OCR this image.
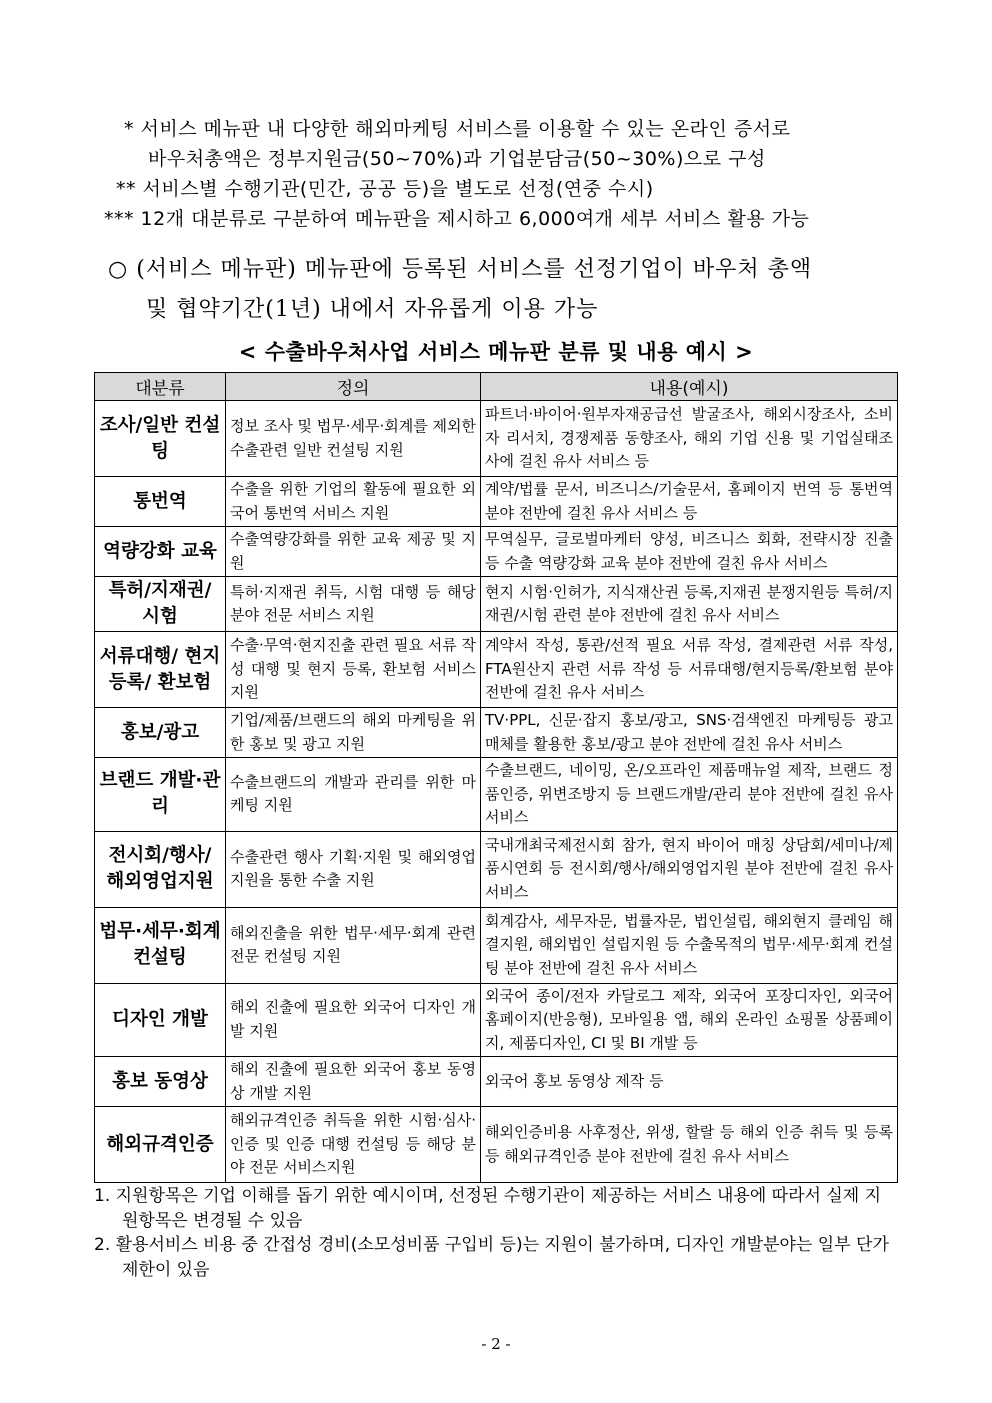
* 서비스 메뉴판 내 다양한 해외마케팅 서비스를 이용할 수 있는 온라인 증서로
바우처총액은 정부지원금(50~70%)과 기업분담금(50~30%)으로 구성
** 서비스별 수행기관(민간, 공공 등)을 별도로 선정(연중 수시)
*** 12개 대분류로 구분하여 메뉴판을 제시하고 6,000여개 세부 서비스 활용 가능
○ (서비스 메뉴판) 메뉴판에 등록된 서비스를 선정기업이 바우처 총액
및 협약기간(1년) 내에서 자유롭게 이용 가능
< 수출바우처사업 서비스 메뉴판 분류 및 내용 예시 >
대분류	정의	내용(예시)
조사/일반 컨설팅	정보 조사 및 법무·세무·회계를 제외한 수출관련 일반 컨설팅 지원	파트너·바이어·원부자재공급선 발굴조사, 해외시장조사, 소비자 리서치, 경쟁제품 동향조사, 해외 기업 신용 및 기업실태조사에 걸친 유사 서비스 등
통번역	수출을 위한 기업의 활동에 필요한 외국어 통번역 서비스 지원	계약/법률 문서, 비즈니스/기술문서, 홈페이지 번역 등 통번역 분야 전반에 걸친 유사 서비스 등
역량강화 교육	수출역량강화를 위한 교육 제공 및 지원	무역실무, 글로벌마케터 양성, 비즈니스 회화, 전략시장 진출 등 수출 역량강화 교육 분야 전반에 걸친 유사 서비스
특허/지재권/ 시험	특허·지재권 취득, 시험 대행 등 해당 분야 전문 서비스 지원	현지 시험·인허가, 지식재산권 등록,지재권 분쟁지원등 특허/지재권/시험 관련 분야 전반에 걸친 유사 서비스
서류대행/ 현지등록/ 환보험	수출·무역·현지진출 관련 필요 서류 작성 대행 및 현지 등록, 환보험 서비스 지원	계약서 작성, 통관/선적 필요 서류 작성, 결제관련 서류 작성, FTA원산지 관련 서류 작성 등 서류대행/현지등록/환보험 분야 전반에 걸친 유사 서비스
홍보/광고	기업/제품/브랜드의 해외 마케팅을 위한 홍보 및 광고 지원	TV·PPL, 신문·잡지 홍보/광고, SNS·검색엔진 마케팅등 광고 매체를 활용한 홍보/광고 분야 전반에 걸친 유사 서비스
브랜드 개발·관리	수출브랜드의 개발과 관리를 위한 마케팅 지원	수출브랜드, 네이밍, 온/오프라인 제품매뉴얼 제작, 브랜드 정품인증, 위변조방지 등 브랜드개발/관리 분야 전반에 걸친 유사 서비스
전시회/행사/ 해외영업지원	수출관련 행사 기획·지원 및 해외영업지원을 통한 수출 지원	국내개최국제전시회 참가, 현지 바이어 매칭 상담회/세미나/제품시연회 등 전시회/행사/해외영업지원 분야 전반에 걸친 유사 서비스
법무·세무·회계 컨설팅	해외진출을 위한 법무·세무·회계 관련 전문 컨설팅 지원	회계감사, 세무자문, 법률자문, 법인설립, 해외현지 클레임 해결지원, 해외법인 설립지원 등 수출목적의 법무·세무·회계 컨설팅 분야 전반에 걸친 유사 서비스
디자인 개발	해외 진출에 필요한 외국어 디자인 개발 지원	외국어 종이/전자 카달로그 제작, 외국어 포장디자인, 외국어 홈페이지(반응형), 모바일용 앱, 해외 온라인 쇼핑몰 상품페이지, 제품디자인, CI 및 BI 개발 등
홍보 동영상	해외 진출에 필요한 외국어 홍보 동영상 개발 지원	외국어 홍보 동영상 제작 등
해외규격인증	해외규격인증 취득을 위한 시험·심사·인증 및 인증 대행 컨설팅 등 해당 분야 전문 서비스지원	해외인증비용 사후정산, 위생, 할랄 등 해외 인증 취득 및 등록 등 해외규격인증 분야 전반에 걸친 유사 서비스
1. 지원항목은 기업 이해를 돕기 위한 예시이며, 선정된 수행기관이 제공하는 서비스 내용에 따라서 실제 지원항목은 변경될 수 있음
2. 활용서비스 비용 중 간접성 경비(소모성비품 구입비 등)는 지원이 불가하며, 디자인 개발분야는 일부 단가제한이 있음
- 2 -
